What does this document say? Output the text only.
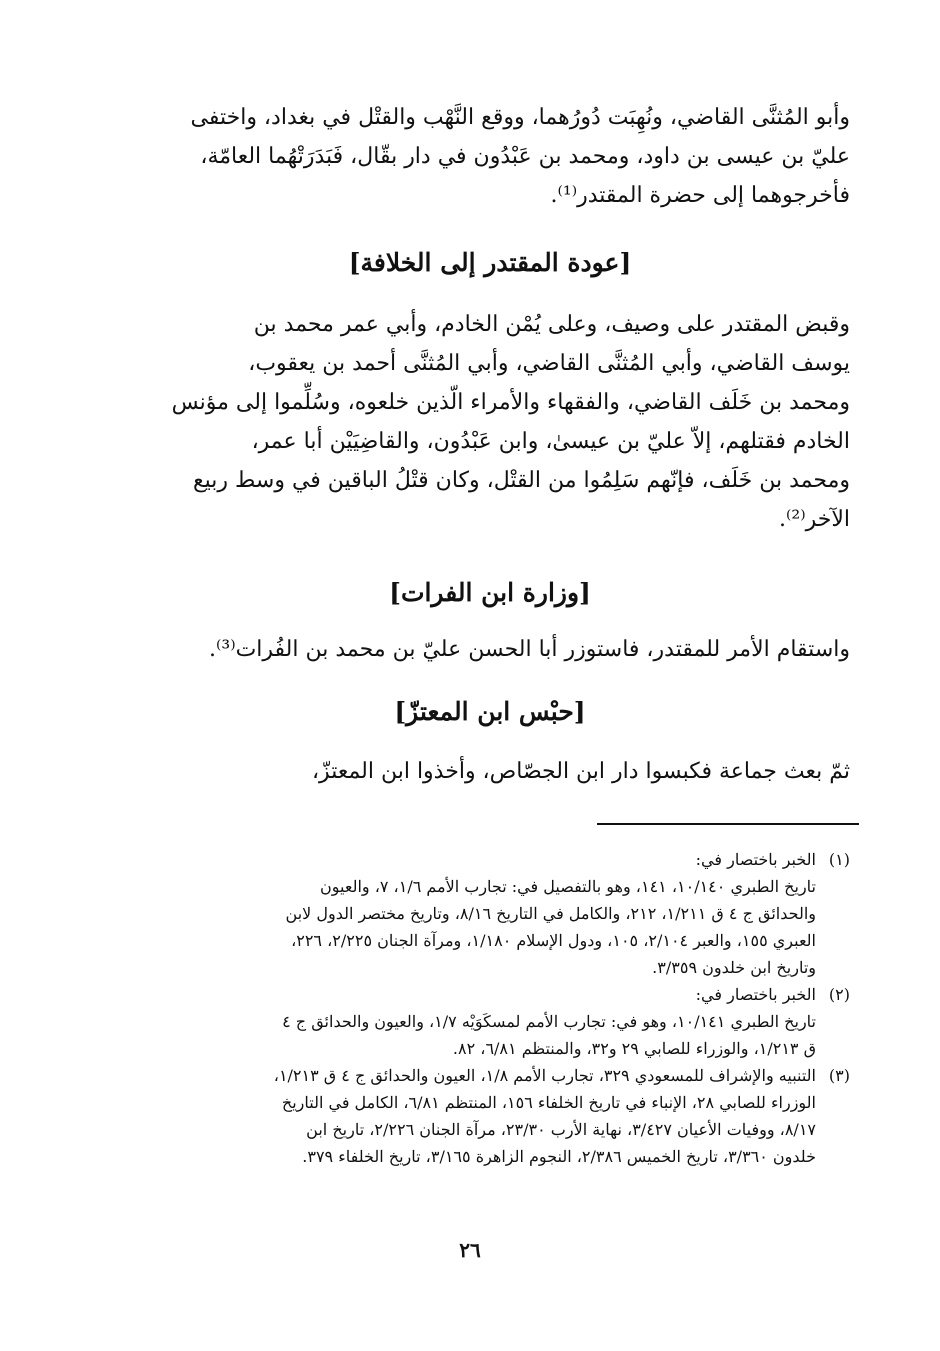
وأبو المُثنَّى القاضي، ونُهِبَت دُورُهما، ووقع النَّهْب والقتْل في بغداد، واختفى
عليّ بن عيسى بن داود، ومحمد بن عَبْدُون في دار بقّال، فَبَدَرَتْهُما العامّة،
فأخرجوهما إلى حضرة المقتدر⁽¹⁾.
[عودة المقتدر إلى الخلافة]
وقبض المقتدر على وصيف، وعلى يُمْن الخادم، وأبي عمر محمد بن
يوسف القاضي، وأبي المُثنَّى القاضي، وأبي المُثنَّى أحمد بن يعقوب،
ومحمد بن خَلَف القاضي، والفقهاء والأمراء الّذين خلعوه، وسُلِّموا إلى مؤنس
الخادم فقتلهم، إلاّ عليّ بن عيسىٰ، وابن عَبْدُون، والقاضِيَيْن أبا عمر،
ومحمد بن خَلَف، فإنّهم سَلِمُوا من القتْل، وكان قتْلُ الباقين في وسط ربيع
الآخر⁽²⁾.
[وزارة ابن الفرات]
واستقام الأمر للمقتدر، فاستوزر أبا الحسن عليّ بن محمد بن الفُرات⁽³⁾.
[حبْس ابن المعتزّ]
ثمّ بعث جماعة فكبسوا دار ابن الجصّاص، وأخذوا ابن المعتزّ،
(١)
الخبر باختصار في:
تاريخ الطبري ١٠/١٤٠، ١٤١، وهو بالتفصيل في: تجارب الأمم ١/٦، ٧، والعيون
والحدائق ج ٤ ق ١/٢١١، ٢١٢، والكامل في التاريخ ٨/١٦، وتاريخ مختصر الدول لابن
العبري ١٥٥، والعبر ٢/١٠٤، ١٠٥، ودول الإسلام ١/١٨٠، ومرآة الجنان ٢/٢٢٥، ٢٢٦،
وتاريخ ابن خلدون ٣/٣٥٩.
(٢)
الخبر باختصار في:
تاريخ الطبري ١٠/١٤١، وهو في: تجارب الأمم لمسكَوَيْه ١/٧، والعيون والحدائق ج ٤
ق ١/٢١٣، والوزراء للصابي ٢٩ و٣٢، والمنتظم ٦/٨١، ٨٢.
(٣)
التنبيه والإشراف للمسعودي ٣٢٩، تجارب الأمم ١/٨، العيون والحدائق ج ٤ ق ١/٢١٣،
الوزراء للصابي ٢٨، الإنباء في تاريخ الخلفاء ١٥٦، المنتظم ٦/٨١، الكامل في التاريخ
٨/١٧، ووفيات الأعيان ٣/٤٢٧، نهاية الأرب ٢٣/٣٠، مرآة الجنان ٢/٢٢٦، تاريخ ابن
خلدون ٣/٣٦٠، تاريخ الخميس ٢/٣٨٦، النجوم الزاهرة ٣/١٦٥، تاريخ الخلفاء ٣٧٩.
٢٦
